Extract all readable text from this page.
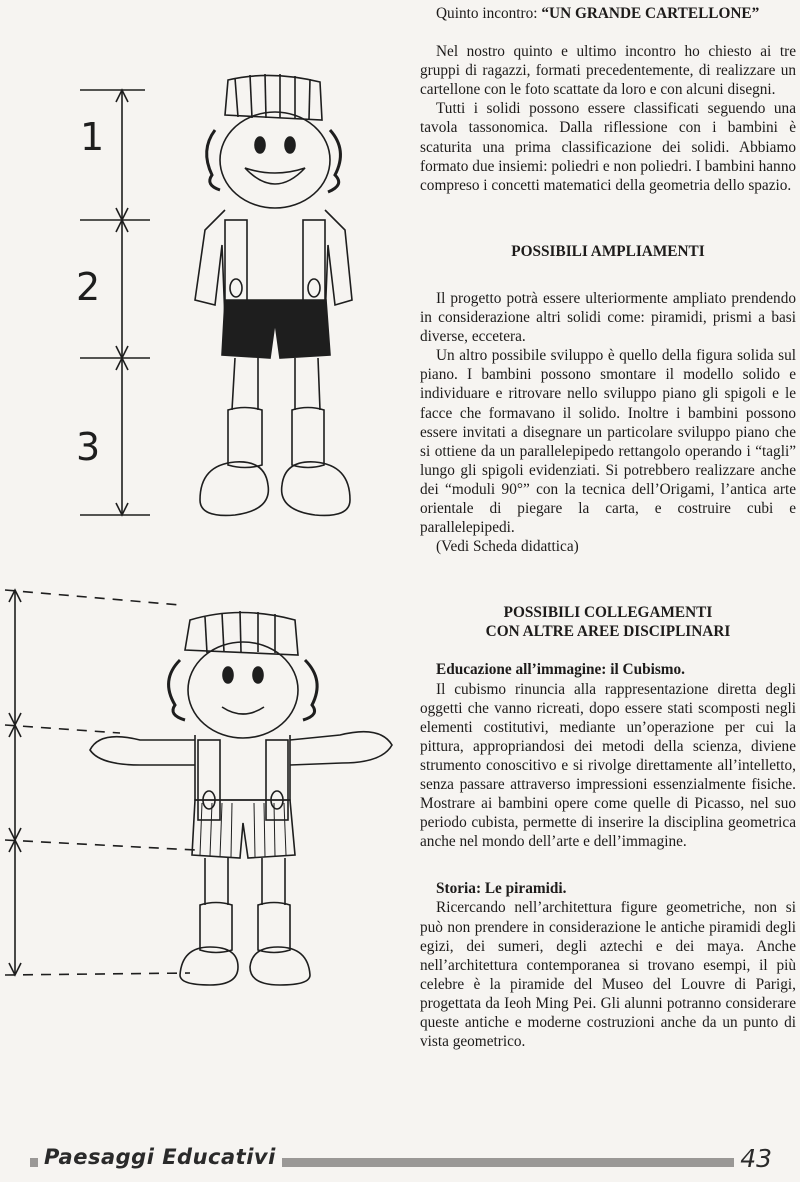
1
2
3

Quinto incontro: “UN GRANDE CARTELLONE”

Nel nostro quinto e ultimo incontro ho chiesto ai tre gruppi di ragazzi, formati precedentemente, di realizzare un cartellone con le foto scattate da loro e con alcuni disegni.

Tutti i solidi possono essere classificati seguendo una tavola tassonomica. Dalla riflessione con i bambini è scaturita una prima classificazione dei solidi. Abbiamo formato due insiemi: poliedri e non poliedri. I bambini hanno compreso i concetti matematici della geometria dello spazio.

POSSIBILI AMPLIAMENTI

Il progetto potrà essere ulteriormente ampliato prendendo in considerazione altri solidi come: piramidi, prismi a basi diverse, eccetera.

Un altro possibile sviluppo è quello della figura solida sul piano. I bambini possono smontare il modello solido e individuare e ritrovare nello sviluppo piano gli spigoli e le facce che formavano il solido. Inoltre i bambini possono essere invitati a disegnare un particolare sviluppo piano che si ottiene da un parallelepipedo rettangolo operando i “tagli” lungo gli spigoli evidenziati. Si potrebbero realizzare anche dei “moduli 90°” con la tecnica dell’Origami, l’antica arte orientale di piegare la carta, e costruire cubi e parallelepipedi.

(Vedi Scheda didattica)

POSSIBILI COLLEGAMENTI
CON ALTRE AREE DISCIPLINARI
Educazione all’immagine: il Cubismo.

Il cubismo rinuncia alla rappresentazione diretta degli oggetti che vanno ricreati, dopo essere stati scomposti negli elementi costitutivi, mediante un’operazione per cui la pittura, appropriandosi dei metodi della scienza, diviene strumento conoscitivo e si rivolge direttamente all’intelletto, senza passare attraverso impressioni essenzialmente fisiche. Mostrare ai bambini opere come quelle di Picasso, nel suo periodo cubista, permette di inserire la disciplina geometrica anche nel mondo dell’arte e dell’immagine.

Storia: Le piramidi.

Ricercando nell’architettura figure geometriche, non si può non prendere in considerazione le antiche piramidi degli egizi, dei sumeri, degli aztechi e dei maya. Anche nell’architettura contemporanea si trovano esempi, il più celebre è la piramide del Museo del Louvre di Parigi, progettata da Ieoh Ming Pei. Gli alunni potranno considerare queste antiche e moderne costruzioni anche da un punto di vista geometrico.

Paesaggi Educativi	43
